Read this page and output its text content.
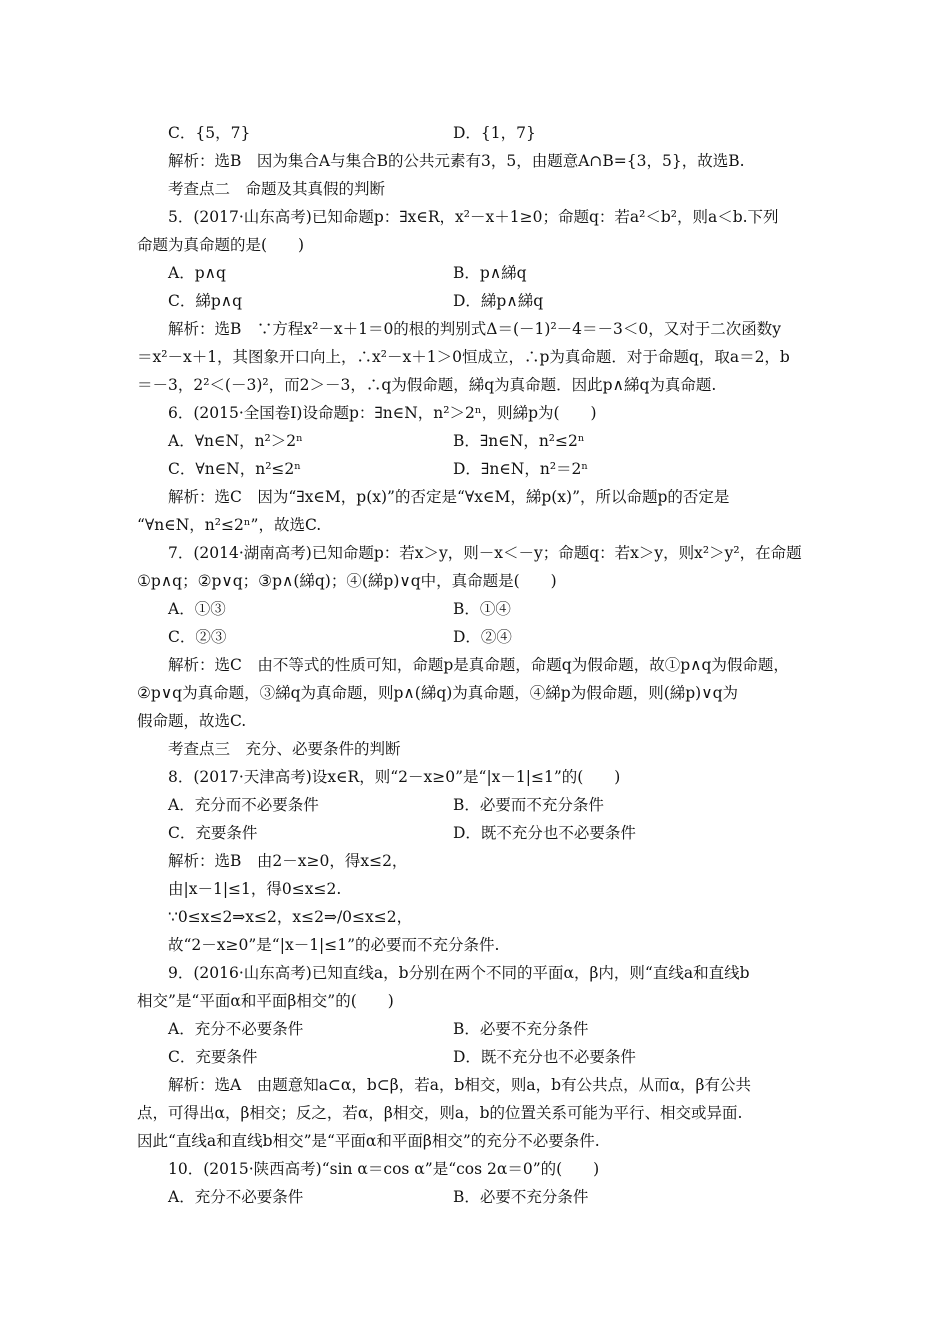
C．{5，7}	D．{1，7}
解析：选B　因为集合A与集合B的公共元素有3，5，由题意A∩B={3，5}，故选B.
考查点二　命题及其真假的判断
5．(2017·山东高考)已知命题p：∃x∈R，x²－x＋1≥0；命题q：若a²＜b²，则a＜b.下列
命题为真命题的是(　　)
A．p∧q	B．p∧綈q
C．綈p∧q	D．綈p∧綈q
解析：选B　∵方程x²－x＋1＝0的根的判别式Δ＝(－1)²－4＝－3＜0，又对于二次函数y
＝x²－x＋1，其图象开口向上，∴x²－x＋1＞0恒成立，∴p为真命题．对于命题q，取a＝2，b
＝－3，2²＜(－3)²，而2＞－3，∴q为假命题，綈q为真命题．因此p∧綈q为真命题.
6．(2015·全国卷Ⅰ)设命题p：∃n∈N，n²＞2ⁿ，则綈p为(　　)
A．∀n∈N，n²＞2ⁿ	B．∃n∈N，n²≤2ⁿ
C．∀n∈N，n²≤2ⁿ	D．∃n∈N，n²＝2ⁿ
解析：选C　因为“∃x∈M，p(x)”的否定是“∀x∈M，綈p(x)”，所以命题p的否定是
“∀n∈N，n²≤2ⁿ”，故选C.
7．(2014·湖南高考)已知命题p：若x＞y，则－x＜－y；命题q：若x＞y，则x²＞y²，在命题
①p∧q；②p∨q；③p∧(綈q)；④(綈p)∨q中，真命题是(　　)
A．①③	B．①④
C．②③	D．②④
解析：选C　由不等式的性质可知，命题p是真命题，命题q为假命题，故①p∧q为假命题，
②p∨q为真命题，③綈q为真命题，则p∧(綈q)为真命题，④綈p为假命题，则(綈p)∨q为
假命题，故选C.
考查点三　充分、必要条件的判断
8．(2017·天津高考)设x∈R，则“2－x≥0”是“|x－1|≤1”的(　　)
A．充分而不必要条件	B．必要而不充分条件
C．充要条件	D．既不充分也不必要条件
解析：选B　由2－x≥0，得x≤2，
由|x－1|≤1，得0≤x≤2.
∵0≤x≤2⇒x≤2，x≤2⇒/0≤x≤2，
故“2－x≥0”是“|x－1|≤1”的必要而不充分条件.
9．(2016·山东高考)已知直线a，b分别在两个不同的平面α，β内，则“直线a和直线b
相交”是“平面α和平面β相交”的(　　)
A．充分不必要条件	B．必要不充分条件
C．充要条件	D．既不充分也不必要条件
解析：选A　由题意知a⊂α，b⊂β，若a，b相交，则a，b有公共点，从而α，β有公共
点，可得出α，β相交；反之，若α，β相交，则a，b的位置关系可能为平行、相交或异面.
因此“直线a和直线b相交”是“平面α和平面β相交”的充分不必要条件.
10．(2015·陕西高考)“sin α＝cos α”是“cos 2α＝0”的(　　)
A．充分不必要条件	B．必要不充分条件
